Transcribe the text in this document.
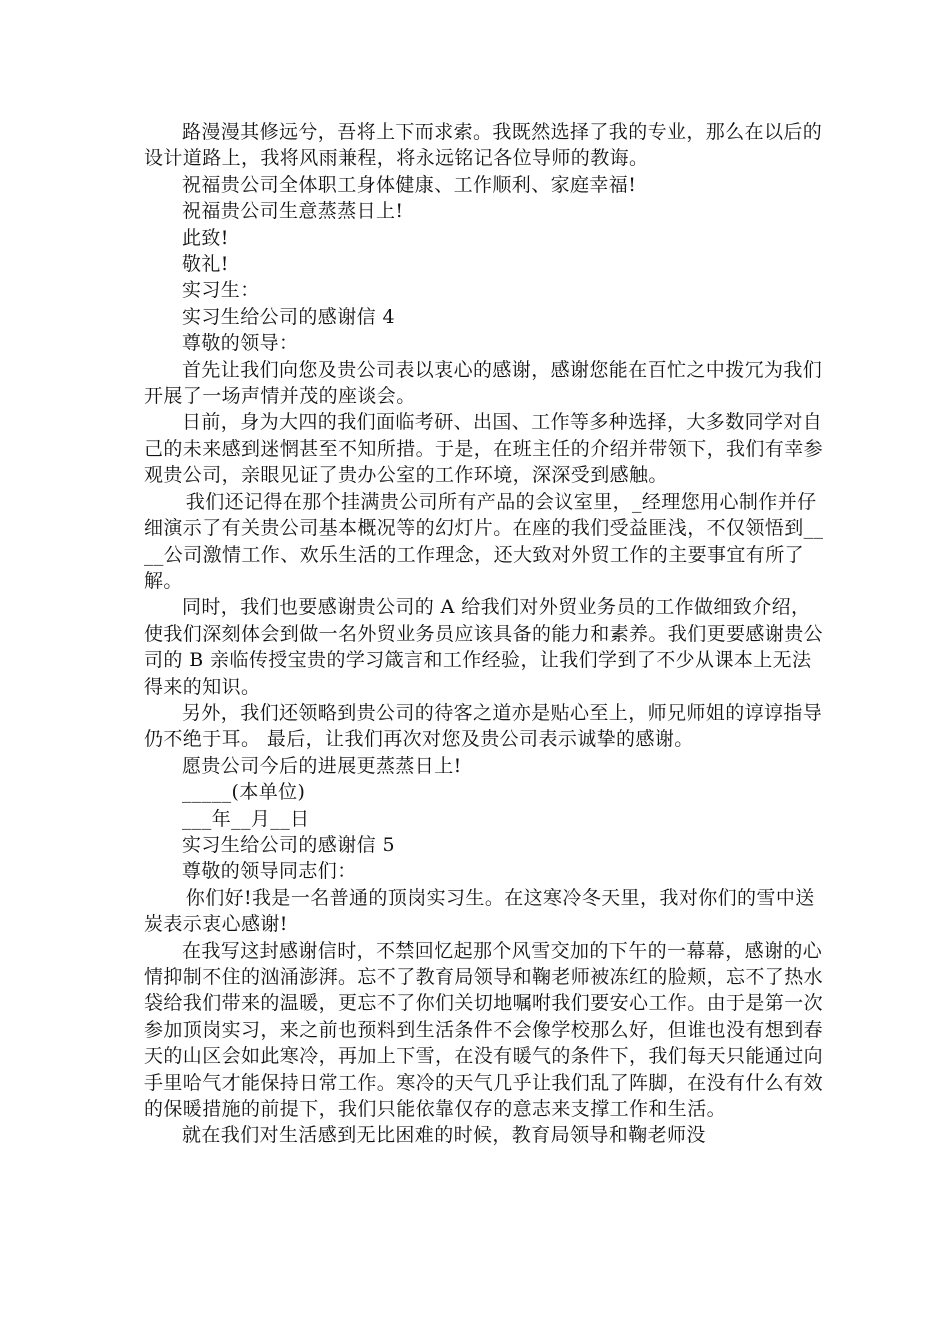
路漫漫其修远兮，吾将上下而求索。我既然选择了我的专业，那么在以后的设计道路上，我将风雨兼程，将永远铭记各位导师的教诲。

祝福贵公司全体职工身体健康、工作顺利、家庭幸福!

祝福贵公司生意蒸蒸日上!

此致!

敬礼!

实习生：

实习生给公司的感谢信 4

尊敬的领导：

首先让我们向您及贵公司表以衷心的感谢，感谢您能在百忙之中拨冗为我们开展了一场声情并茂的座谈会。

日前，身为大四的我们面临考研、出国、工作等多种选择，大多数同学对自己的未来感到迷惘甚至不知所措。于是，在班主任的介绍并带领下，我们有幸参观贵公司，亲眼见证了贵办公室的工作环境，深深受到感触。

我们还记得在那个挂满贵公司所有产品的会议室里，_经理您用心制作并仔细演示了有关贵公司基本概况等的幻灯片。在座的我们受益匪浅，不仅领悟到____公司激情工作、欢乐生活的工作理念，还大致对外贸工作的主要事宜有所了解。

同时，我们也要感谢贵公司的 A 给我们对外贸业务员的工作做细致介绍，使我们深刻体会到做一名外贸业务员应该具备的能力和素养。我们更要感谢贵公司的 B 亲临传授宝贵的学习箴言和工作经验，让我们学到了不少从课本上无法得来的知识。

另外，我们还领略到贵公司的待客之道亦是贴心至上，师兄师姐的谆谆指导仍不绝于耳。 最后，让我们再次对您及贵公司表示诚挚的感谢。

愿贵公司今后的进展更蒸蒸日上!

_____(本单位)

___年__月__日

实习生给公司的感谢信 5

尊敬的领导同志们：

你们好!我是一名普通的顶岗实习生。在这寒冷冬天里，我对你们的雪中送炭表示衷心感谢!

在我写这封感谢信时，不禁回忆起那个风雪交加的下午的一幕幕，感谢的心情抑制不住的汹涌澎湃。忘不了教育局领导和鞠老师被冻红的脸颊，忘不了热水袋给我们带来的温暖，更忘不了你们关切地嘱咐我们要安心工作。由于是第一次参加顶岗实习，来之前也预料到生活条件不会像学校那么好，但谁也没有想到春天的山区会如此寒冷，再加上下雪，在没有暖气的条件下，我们每天只能通过向手里哈气才能保持日常工作。寒冷的天气几乎让我们乱了阵脚，在没有什么有效的保暖措施的前提下，我们只能依靠仅存的意志来支撑工作和生活。

就在我们对生活感到无比困难的时候，教育局领导和鞠老师没
